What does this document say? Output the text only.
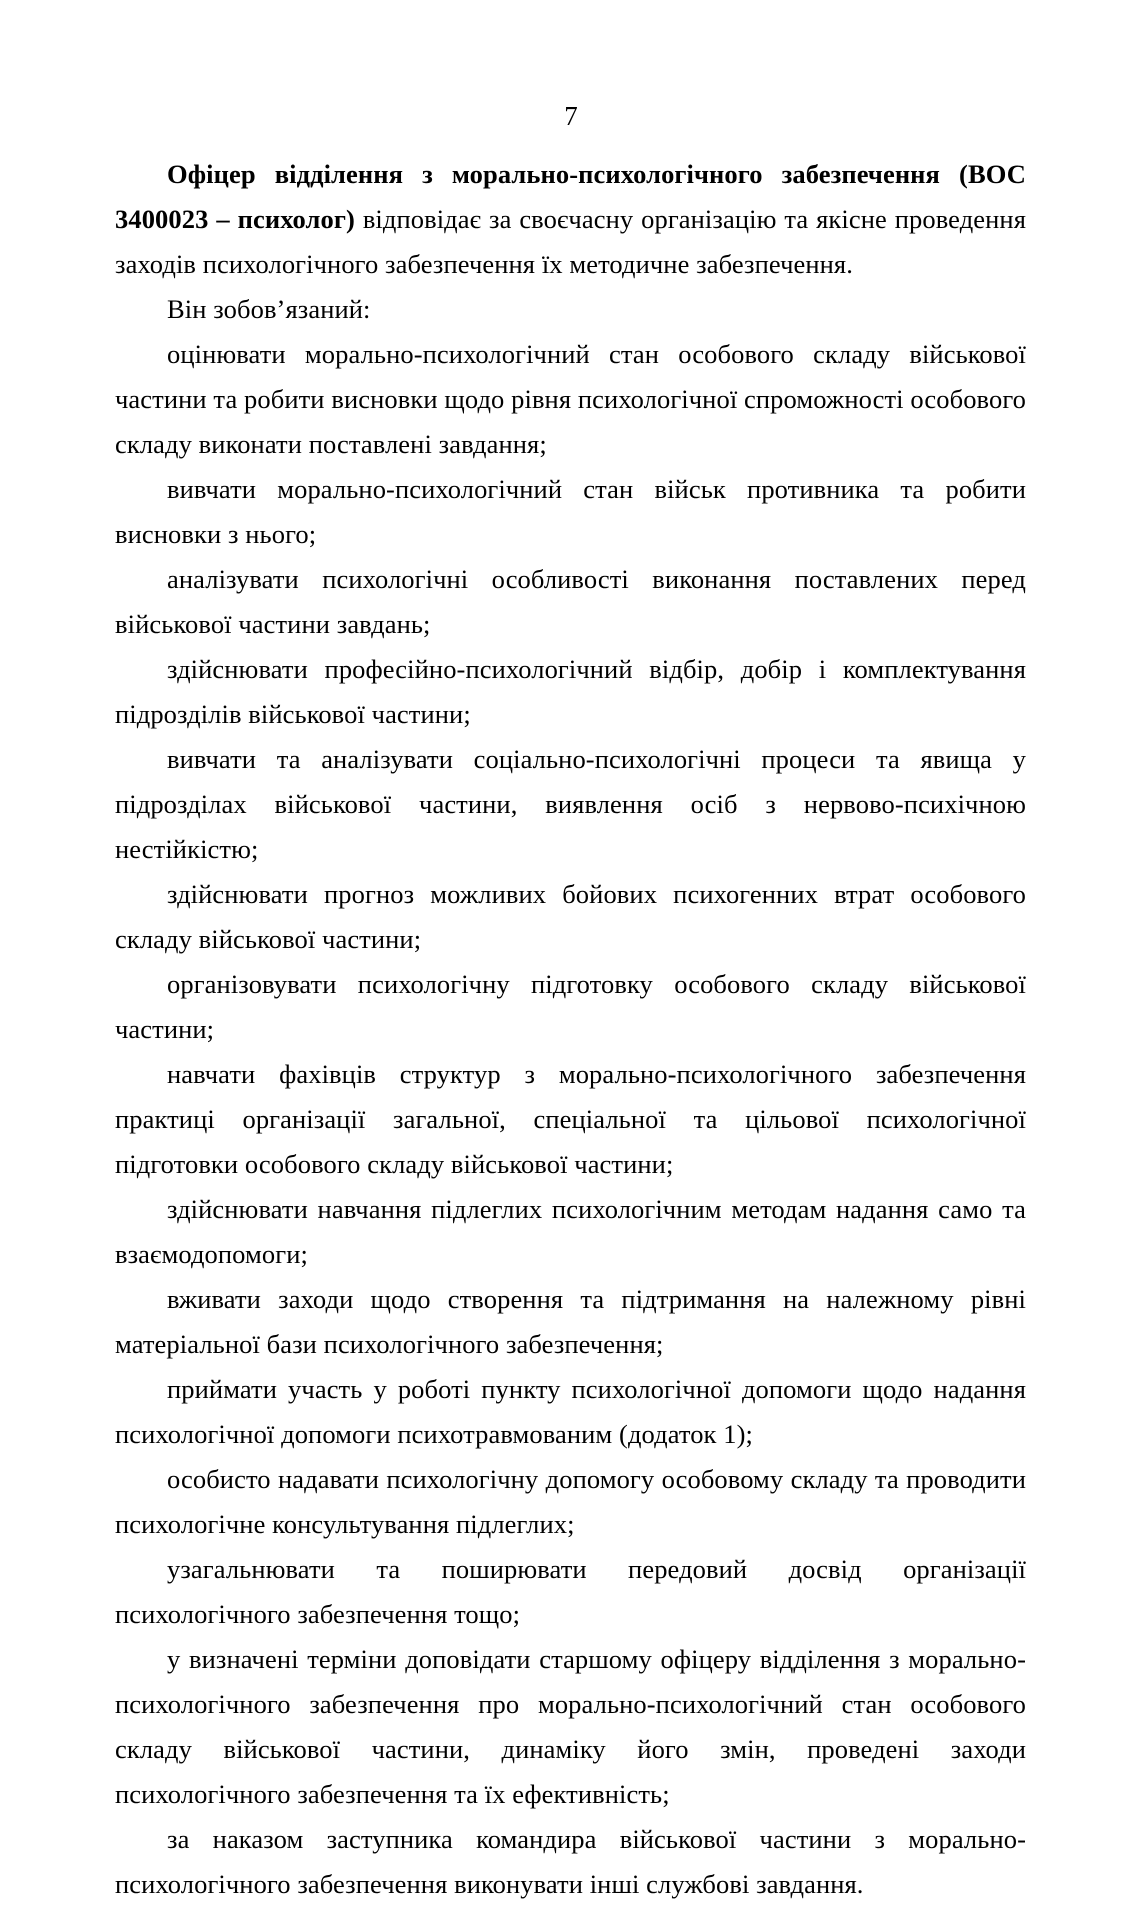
7

Офіцер відділення з морально-психологічного забезпечення (ВОС 3400023 – психолог) відповідає за своєчасну організацію та якісне проведення заходів психологічного забезпечення їх методичне забезпечення.

Він зобов’язаний:

оцінювати морально-психологічний стан особового складу військової частини та робити висновки щодо рівня психологічної спроможності особового складу виконати поставлені завдання;

вивчати морально-психологічний стан військ противника та робити висновки з нього;

аналізувати психологічні особливості виконання поставлених перед військової частини завдань;

здійснювати професійно-психологічний відбір, добір і комплектування підрозділів військової частини;

вивчати та аналізувати соціально-психологічні процеси та явища у підрозділах військової частини, виявлення осіб з нервово-психічною нестійкістю;

здійснювати прогноз можливих бойових психогенних втрат особового складу військової частини;

організовувати психологічну підготовку особового складу військової частини;

навчати фахівців структур з морально-психологічного забезпечення практиці організації загальної, спеціальної та цільової психологічної підготовки особового складу військової частини;

здійснювати навчання підлеглих психологічним методам надання само та взаємодопомоги;

вживати заходи щодо створення та підтримання на належному рівні матеріальної бази психологічного забезпечення;

приймати участь у роботі пункту психологічної допомоги щодо надання психологічної допомоги психотравмованим (додаток 1);

особисто надавати психологічну допомогу особовому складу та проводити психологічне консультування підлеглих;

узагальнювати та поширювати передовий досвід організації психологічного забезпечення тощо;

у визначені терміни доповідати старшому офіцеру відділення з морально-психологічного забезпечення про морально-психологічний стан особового складу військової частини, динаміку його змін, проведені заходи психологічного забезпечення та їх ефективність;

за наказом заступника командира військової частини з морально-психологічного забезпечення виконувати інші службові завдання.
